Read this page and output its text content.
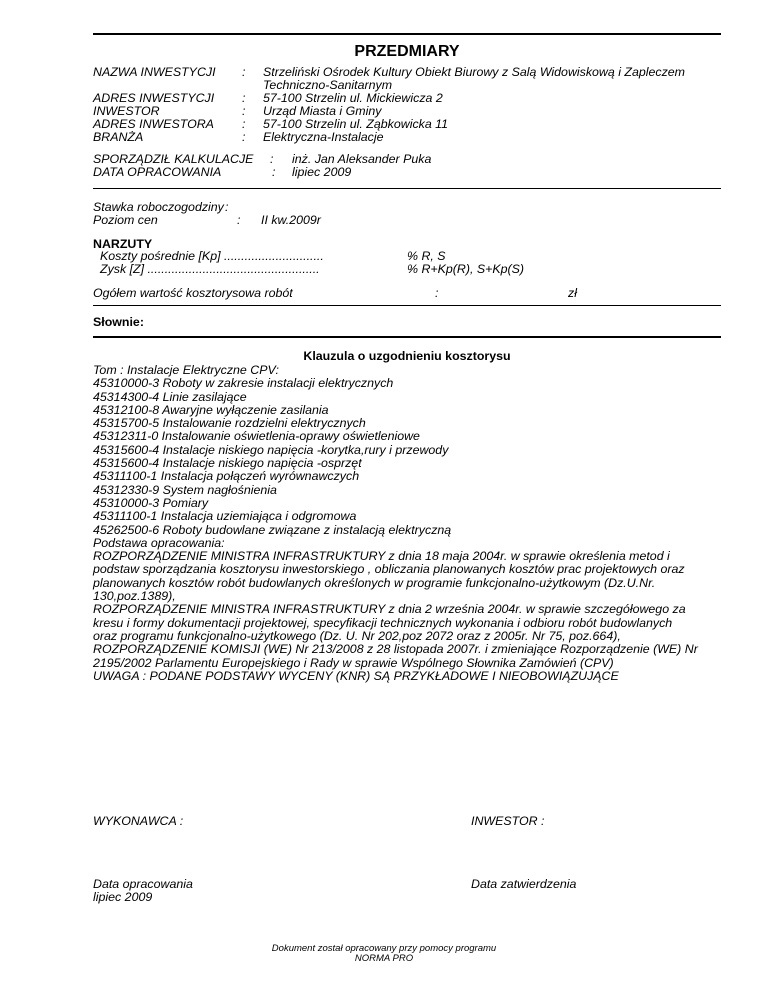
PRZEDMIARY
NAZWA INWESTYCJI : Strzeliński Ośrodek Kultury Obiekt Biurowy z Salą Widowiskową i Zapleczem
Techniczno-Sanitarnym
ADRES INWESTYCJI : 57-100 Strzelin ul. Mickiewicza 2
INWESTOR	: Urząd Miasta i Gminy
ADRES INWESTORA : 57-100 Strzelin ul. Ząbkowicka 11
BRANŻA	: Elektryczna-Instalacje
SPORZĄDZIŁ KALKULACJE : inż. Jan Aleksander Puka
DATA OPRACOWANIA	: lipiec 2009
Stawka roboczogodziny :
Poziom cen	: II kw.2009r
NARZUTY
Koszty pośrednie [Kp] .............................	% R, S
Zysk [Z] ..................................................	% R+Kp(R), S+Kp(S)
Ogółem wartość kosztorysowa robót	:	zł
Słownie:
Klauzula o uzgodnieniu kosztorysu
Tom : Instalacje Elektryczne CPV:
45310000-3 Roboty w zakresie instalacji elektrycznych
45314300-4 Linie zasilające
45312100-8 Awaryjne wyłączenie zasilania
45315700-5 Instalowanie rozdzielni elektrycznych
45312311-0 Instalowanie oświetlenia-oprawy oświetleniowe
45315600-4 Instalacje niskiego napięcia -korytka,rury i przewody
45315600-4 Instalacje niskiego napięcia -osprzęt
45311100-1 Instalacja połączeń wyrównawczych
45312330-9 System nagłośnienia
45310000-3 Pomiary
45311100-1 Instalacja uziemiająca i odgromowa
45262500-6 Roboty budowlane związane z instalacją elektryczną
Podstawa opracowania:
ROZPORZĄDZENIE MINISTRA INFRASTRUKTURY z dnia 18 maja 2004r. w sprawie określenia metod i
podstaw sporządzania kosztorysu inwestorskiego , obliczania planowanych kosztów prac projektowych oraz
planowanych kosztów robót budowlanych określonych w programie funkcjonalno-użytkowym (Dz.U.Nr.
130,poz.1389),
ROZPORZĄDZENIE MINISTRA INFRASTRUKTURY z dnia 2 września 2004r. w sprawie szczegółowego za
kresu i formy dokumentacji projektowej, specyfikacji technicznych wykonania i odbioru robót budowlanych
oraz programu funkcjonalno-użytkowego (Dz. U. Nr 202,poz 2072 oraz z 2005r. Nr 75, poz.664),
ROZPORZĄDZENIE KOMISJI (WE) Nr 213/2008 z 28 listopada 2007r. i zmieniające Rozporządzenie (WE) Nr
2195/2002 Parlamentu Europejskiego i Rady w sprawie Wspólnego Słownika Zamówień (CPV)
UWAGA : PODANE PODSTAWY WYCENY (KNR) SĄ PRZYKŁADOWE I NIEOBOWIĄZUJĄCE
WYKONAWCA :	INWESTOR :
Data opracowania
lipiec 2009
Data zatwierdzenia
Dokument został opracowany przy pomocy programu
NORMA PRO
